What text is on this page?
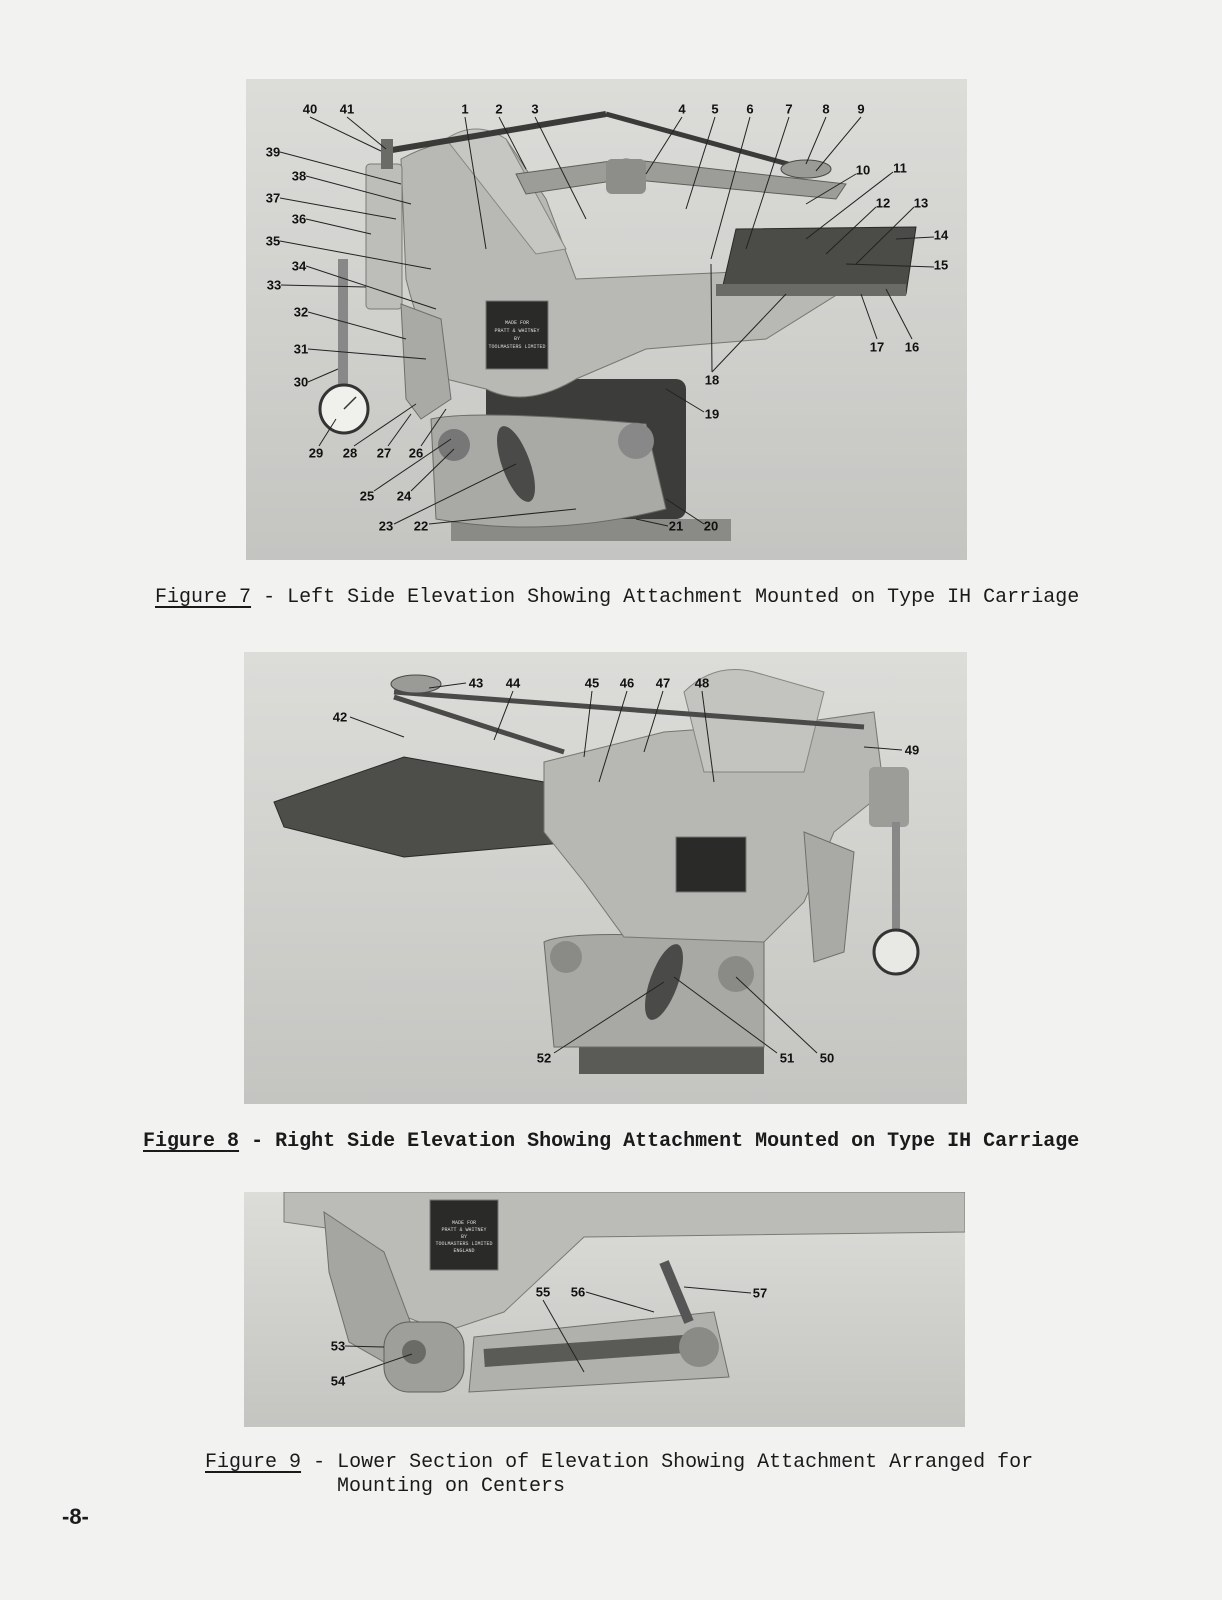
MADE FOR
PRATT & WHITNEY
BY
TOOLMASTERS LIMITED
40 41	1 2 3	4 5 6 7 8 9
10 11
12 13
14
15
16
17
18
19
20
21
22
23
24
25
26
27
28
29
30
31
32
33
34
35
36
37
38
39
Figure 7 - Left Side Elevation Showing Attachment Mounted on Type IH Carriage
43 44	45 46 47 48
42
49
52	51 50
Figure 8 - Right Side Elevation Showing Attachment Mounted on Type IH Carriage
MADE FOR
PRATT & WHITNEY
BY
TOOLMASTERS LIMITED
ENGLAND
55 56	57
53
54
Figure 9 - Lower Section of Elevation Showing Attachment Arranged for
Mounting on Centers
-8-
